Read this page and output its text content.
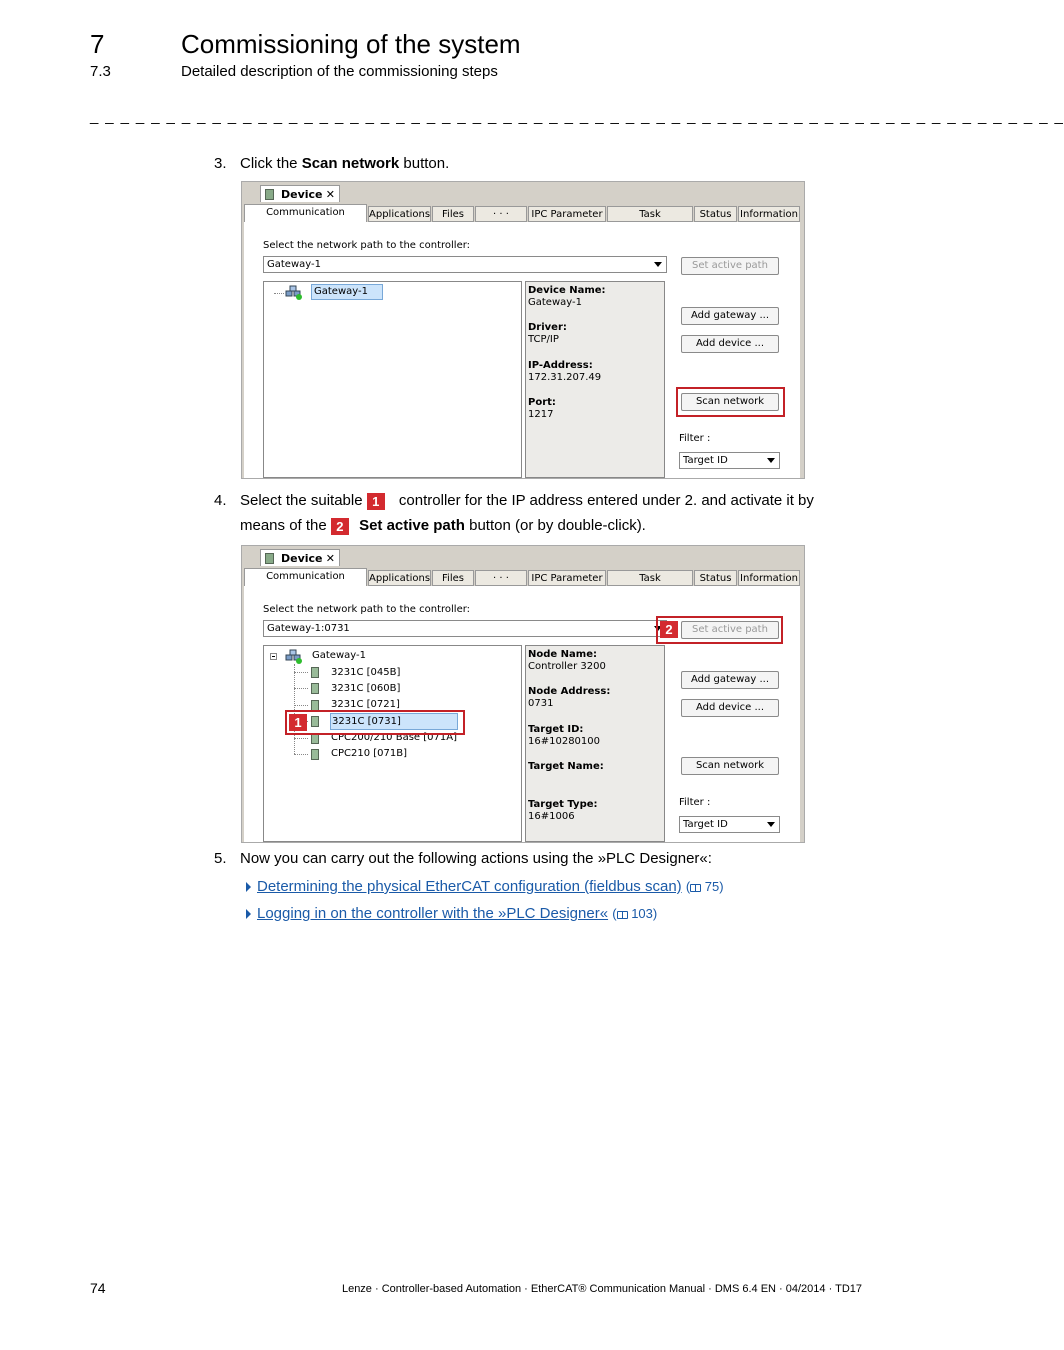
7	Commissioning of the system
7.3	Detailed description of the commissioning steps
_ _ _ _ _ _ _ _ _ _ _ _ _ _ _ _ _ _ _ _ _ _ _ _ _ _ _ _ _ _ _ _ _ _ _ _ _ _ _ _ _ _ _ _ _ _ _ _ _ _ _ _ _ _ _ _ _ _ _ _ _ _ _ _
3. Click the Scan network button.
Device ✕
Communication	Applications	Files	· · ·	IPC Parameter	Task	Status Information
Select the network path to the controller:
Gateway-1	Set active path
Gateway-1	Device Name:
Gateway-1
Driver:
TCP/IP
IP-Address:
172.31.207.49
Port:
1217
Add gateway ...
Add device ...
Scan network
Filter :
Target ID
4. Select the suitable 1 controller for the IP address entered under 2. and activate it by
means of the 2 Set active path button (or by double-click).
Device ✕
Communication	Applications	Files	· · ·	IPC Parameter	Task	Status Information
Select the network path to the controller:
Gateway-1:0731	2	Set active path
Gateway-1
3231C [045B]
3231C [060B]
3231C [0721]
3231C [0731]
CPC200/210 Base [071A]
CPC210 [071B]
1
Node Name:
Controller 3200
Node Address:
0731
Target ID:
16#10280100
Target Name:
Target Type:
16#1006
Add gateway ...
Add device ...
Scan network
Filter :
Target ID
5. Now you can carry out the following actions using the »PLC Designer«:
Determining the physical EtherCAT configuration (fieldbus scan) ( 75)
Logging in on the controller with the »PLC Designer« ( 103)
74	Lenze · Controller-based Automation · EtherCAT® Communication Manual · DMS 6.4 EN · 04/2014 · TD17
